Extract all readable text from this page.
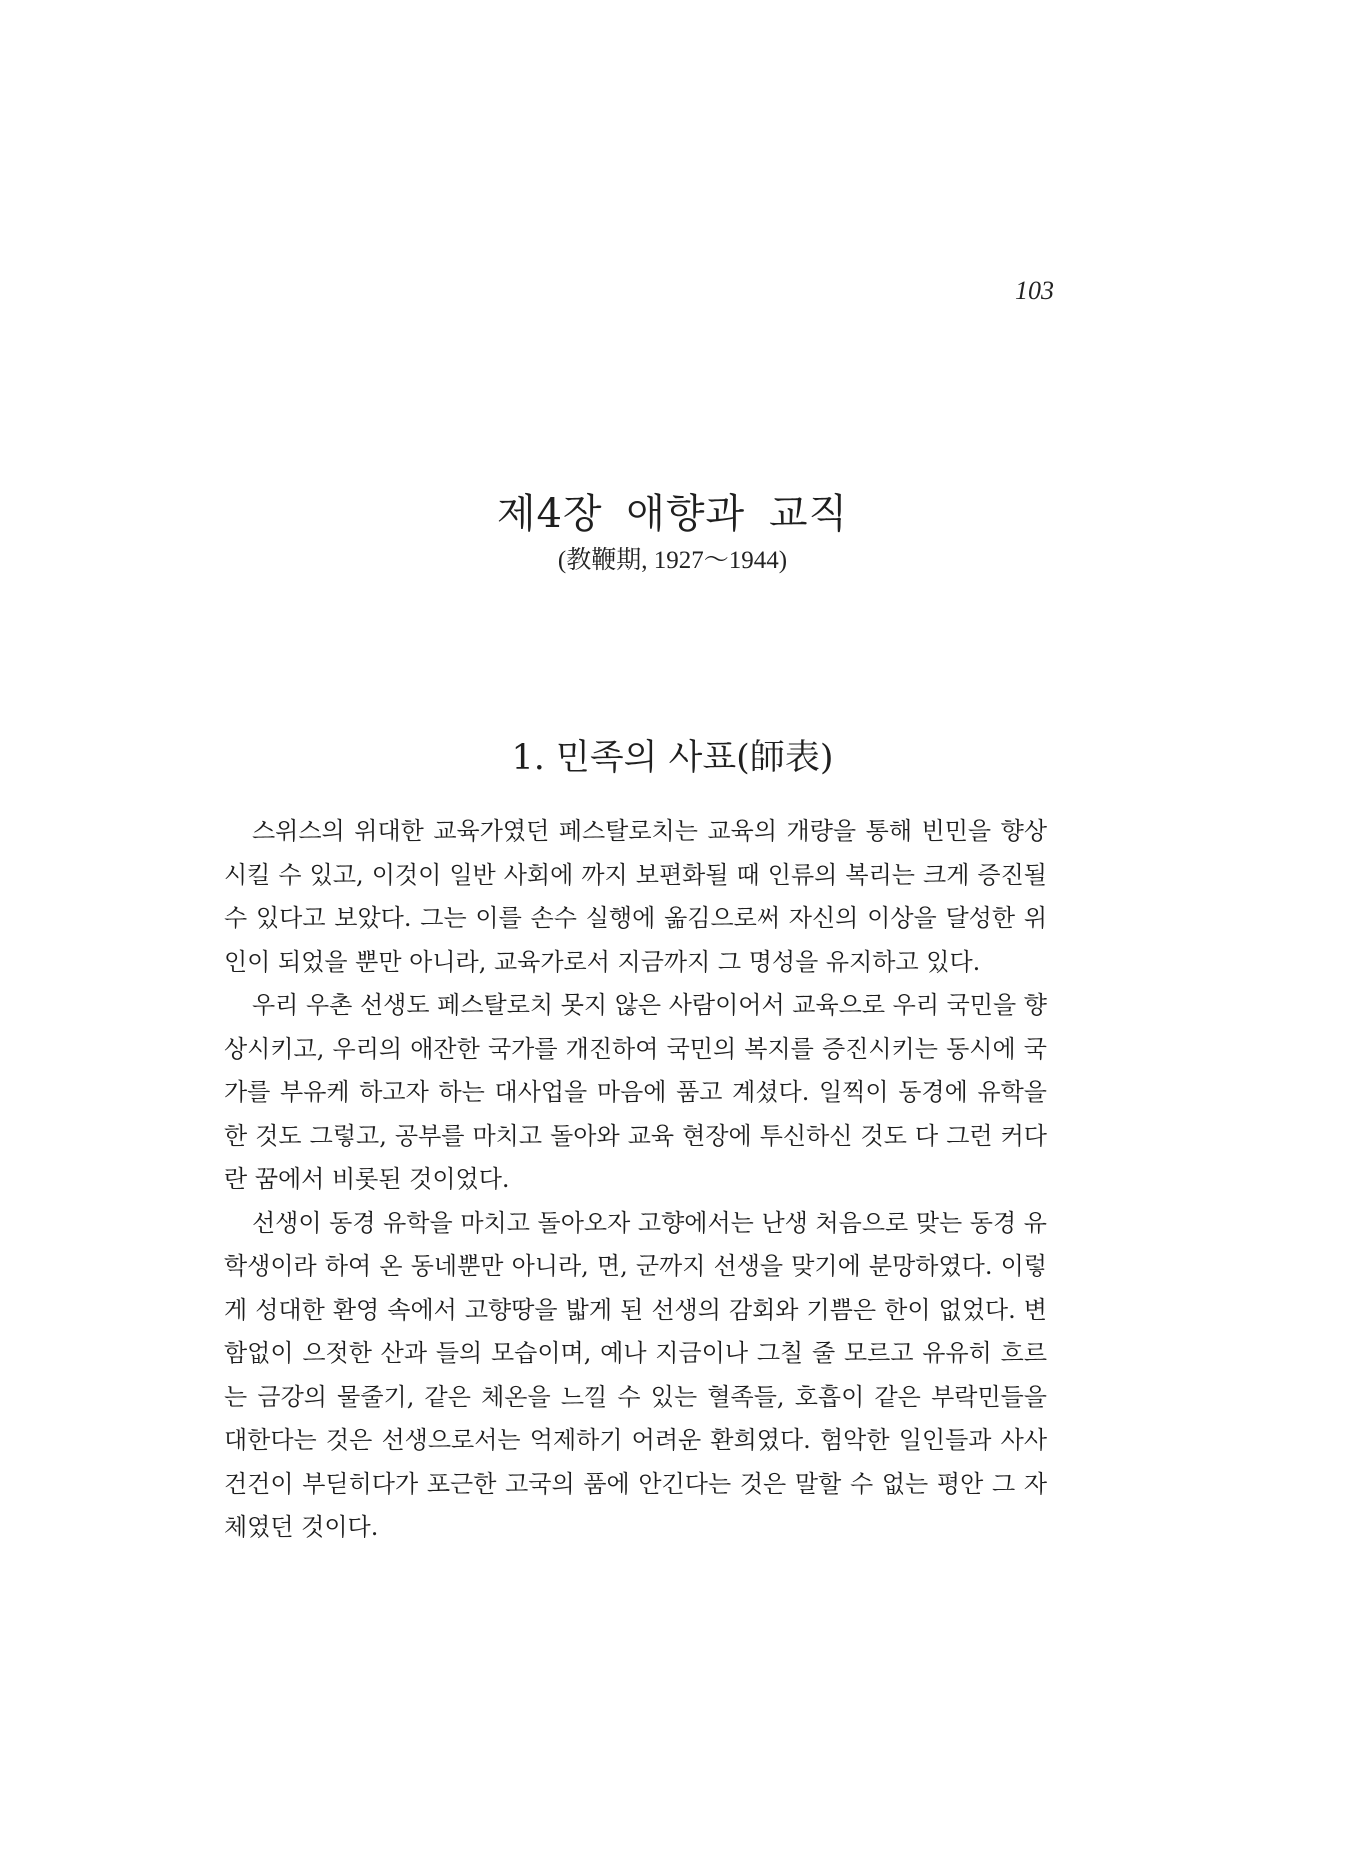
103
제4장 애향과 교직
(教鞭期, 1927～1944)
1. 민족의 사표(師表)

스위스의 위대한 교육가였던 페스탈로치는 교육의 개량을 통해 빈민을 향상시킬 수 있고, 이것이 일반 사회에 까지 보편화될 때 인류의 복리는 크게 증진될 수 있다고 보았다. 그는 이를 손수 실행에 옮김으로써 자신의 이상을 달성한 위인이 되었을 뿐만 아니라, 교육가로서 지금까지 그 명성을 유지하고 있다.

우리 우촌 선생도 페스탈로치 못지 않은 사람이어서 교육으로 우리 국민을 향상시키고, 우리의 애잔한 국가를 개진하여 국민의 복지를 증진시키는 동시에 국가를 부유케 하고자 하는 대사업을 마음에 품고 계셨다. 일찍이 동경에 유학을 한 것도 그렇고, 공부를 마치고 돌아와 교육 현장에 투신하신 것도 다 그런 커다란 꿈에서 비롯된 것이었다.

선생이 동경 유학을 마치고 돌아오자 고향에서는 난생 처음으로 맞는 동경 유학생이라 하여 온 동네뿐만 아니라, 면, 군까지 선생을 맞기에 분망하였다. 이렇게 성대한 환영 속에서 고향땅을 밟게 된 선생의 감회와 기쁨은 한이 없었다. 변함없이 으젓한 산과 들의 모습이며, 예나 지금이나 그칠 줄 모르고 유유히 흐르는 금강의 물줄기, 같은 체온을 느낄 수 있는 혈족들, 호흡이 같은 부락민들을 대한다는 것은 선생으로서는 억제하기 어려운 환희였다. 험악한 일인들과 사사건건이 부딛히다가 포근한 고국의 품에 안긴다는 것은 말할 수 없는 평안 그 자체였던 것이다.
